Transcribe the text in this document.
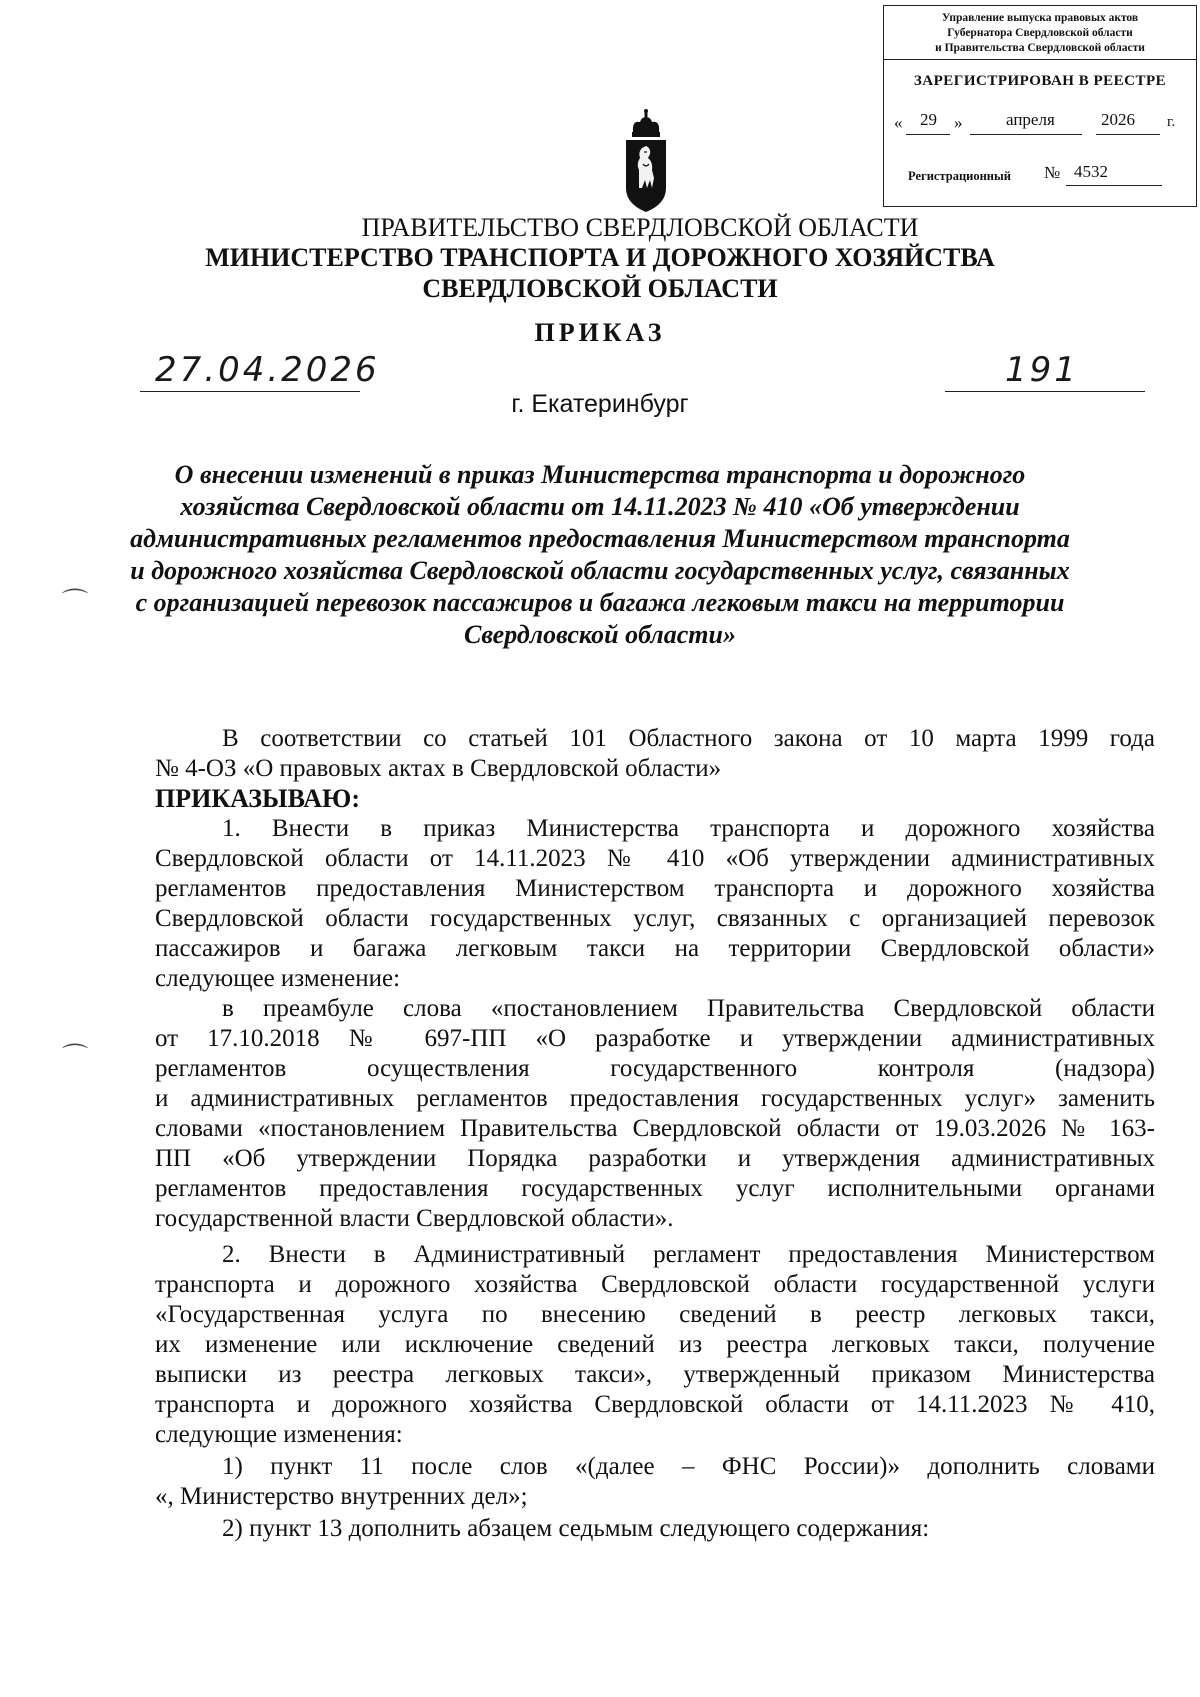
Управление выпуска правовых актов
Губернатора Свердловской области
и Правительства Свердловской области
ЗАРЕГИСТРИРОВАН В РЕЕСТРЕ
« 29 »	апреля	2026 г.
Регистрационный № 4532
ПРАВИТЕЛЬСТВО СВЕРДЛОВСКОЙ ОБЛАСТИ
МИНИСТЕРСТВО ТРАНСПОРТА И ДОРОЖНОГО ХОЗЯЙСТВА
СВЕРДЛОВСКОЙ ОБЛАСТИ
ПРИКАЗ
27.04.2026	191
г. Екатеринбург
О внесении изменений в приказ Министерства транспорта и дорожного
хозяйства Свердловской области от 14.11.2023 № 410 «Об утверждении
административных регламентов предоставления Министерством транспорта
и дорожного хозяйства Свердловской области государственных услуг, связанных
с организацией перевозок пассажиров и багажа легковым такси на территории
Свердловской области»
⌒
⌒
В соответствии со статьей 101 Областного закона от 10 марта 1999 года
№ 4-ОЗ «О правовых актах в Свердловской области»
ПРИКАЗЫВАЮ:
1. Внести в приказ Министерства транспорта и дорожного хозяйства
Свердловской области от 14.11.2023 № 410 «Об утверждении административных
регламентов предоставления Министерством транспорта и дорожного хозяйства
Свердловской области государственных услуг, связанных с организацией перевозок
пассажиров и багажа легковым такси на территории Свердловской области»
следующее изменение:
в преамбуле слова «постановлением Правительства Свердловской области
от 17.10.2018 № 697-ПП «О разработке и утверждении административных
регламентов осуществления государственного контроля (надзора)
и административных регламентов предоставления государственных услуг» заменить
словами «постановлением Правительства Свердловской области от 19.03.2026 № 163-
ПП «Об утверждении Порядка разработки и утверждения административных
регламентов предоставления государственных услуг исполнительными органами
государственной власти Свердловской области».
2. Внести в Административный регламент предоставления Министерством
транспорта и дорожного хозяйства Свердловской области государственной услуги
«Государственная услуга по внесению сведений в реестр легковых такси,
их изменение или исключение сведений из реестра легковых такси, получение
выписки из реестра легковых такси», утвержденный приказом Министерства
транспорта и дорожного хозяйства Свердловской области от 14.11.2023 № 410,
следующие изменения:
1) пункт 11 после слов «(далее – ФНС России)» дополнить словами
«, Министерство внутренних дел»;
2) пункт 13 дополнить абзацем седьмым следующего содержания:
